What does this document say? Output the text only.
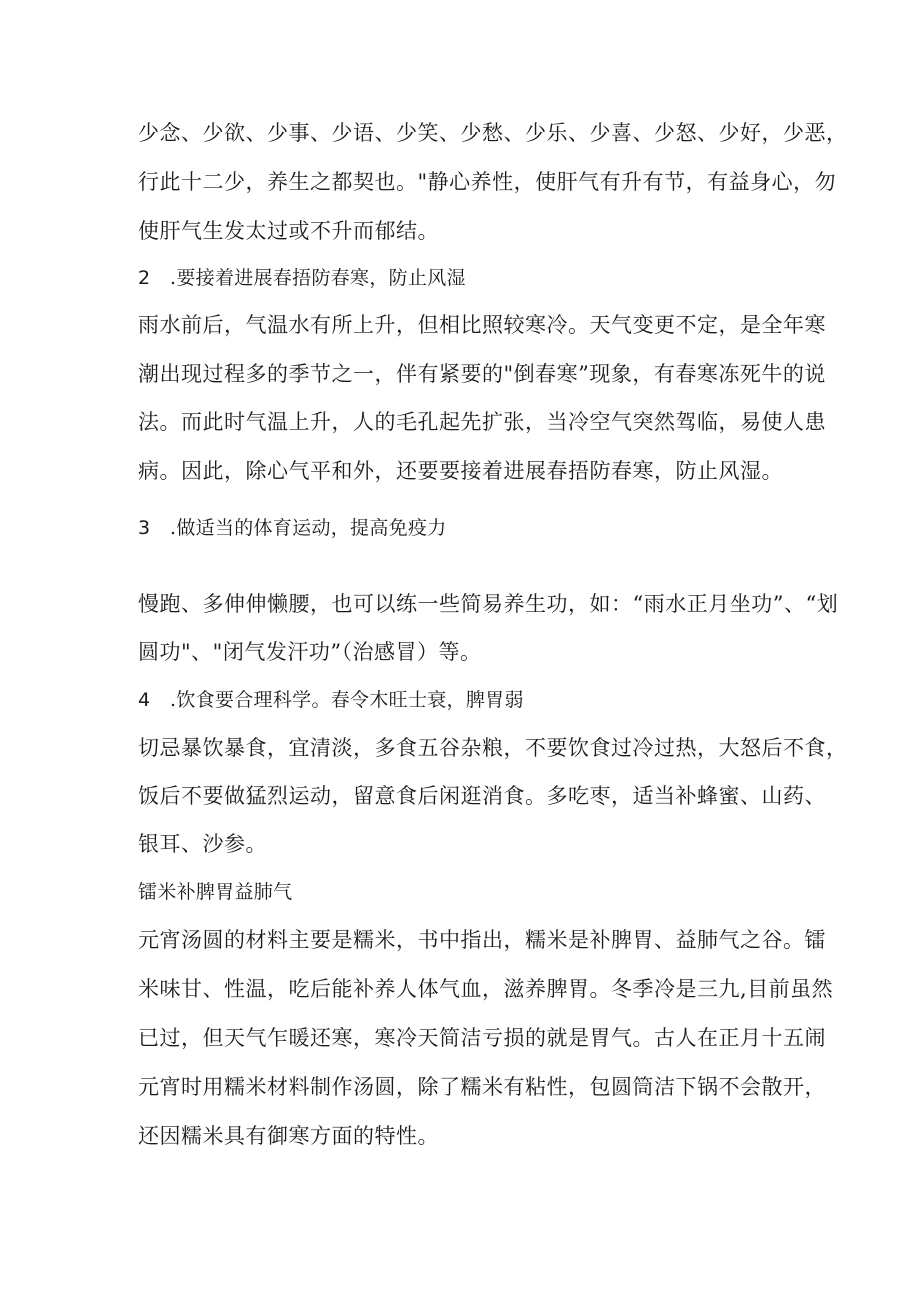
少念、少欲、少事、少语、少笑、少愁、少乐、少喜、少怒、少好，少恶，

行此十二少，养生之都契也。"静心养性，使肝气有升有节，有益身心，勿

使肝气生发太过或不升而郁结。

2 .要接着进展春捂防春寒，防止风湿

雨水前后，气温水有所上升，但相比照较寒冷。天气变更不定，是全年寒

潮出现过程多的季节之一，伴有紧要的"倒春寒”现象，有春寒冻死牛的说

法。而此时气温上升，人的毛孔起先扩张，当冷空气突然驾临，易使人患

病。因此，除心气平和外，还要要接着进展春捂防春寒，防止风湿。

3 .做适当的体育运动，提高免疫力

慢跑、多伸伸懒腰，也可以练一些简易养生功，如：“雨水正月坐功”、“划

圆功"、"闭气发汗功”（治感冒）等。

4 .饮食要合理科学。春令木旺士衰，脾胃弱

切忌暴饮暴食，宜清淡，多食五谷杂粮，不要饮食过冷过热，大怒后不食，

饭后不要做猛烈运动，留意食后闲逛消食。多吃枣，适当补蜂蜜、山药、

银耳、沙参。

镭米补脾胃益肺气

元宵汤圆的材料主要是糯米，书中指出，糯米是补脾胃、益肺气之谷。镭

米味甘、性温，吃后能补养人体气血，滋养脾胃。冬季冷是三九,目前虽然

已过，但天气乍暖还寒，寒冷天简洁亏损的就是胃气。古人在正月十五闹

元宵时用糯米材料制作汤圆，除了糯米有粘性，包圆筒洁下锅不会散开，

还因糯米具有御寒方面的特性。
